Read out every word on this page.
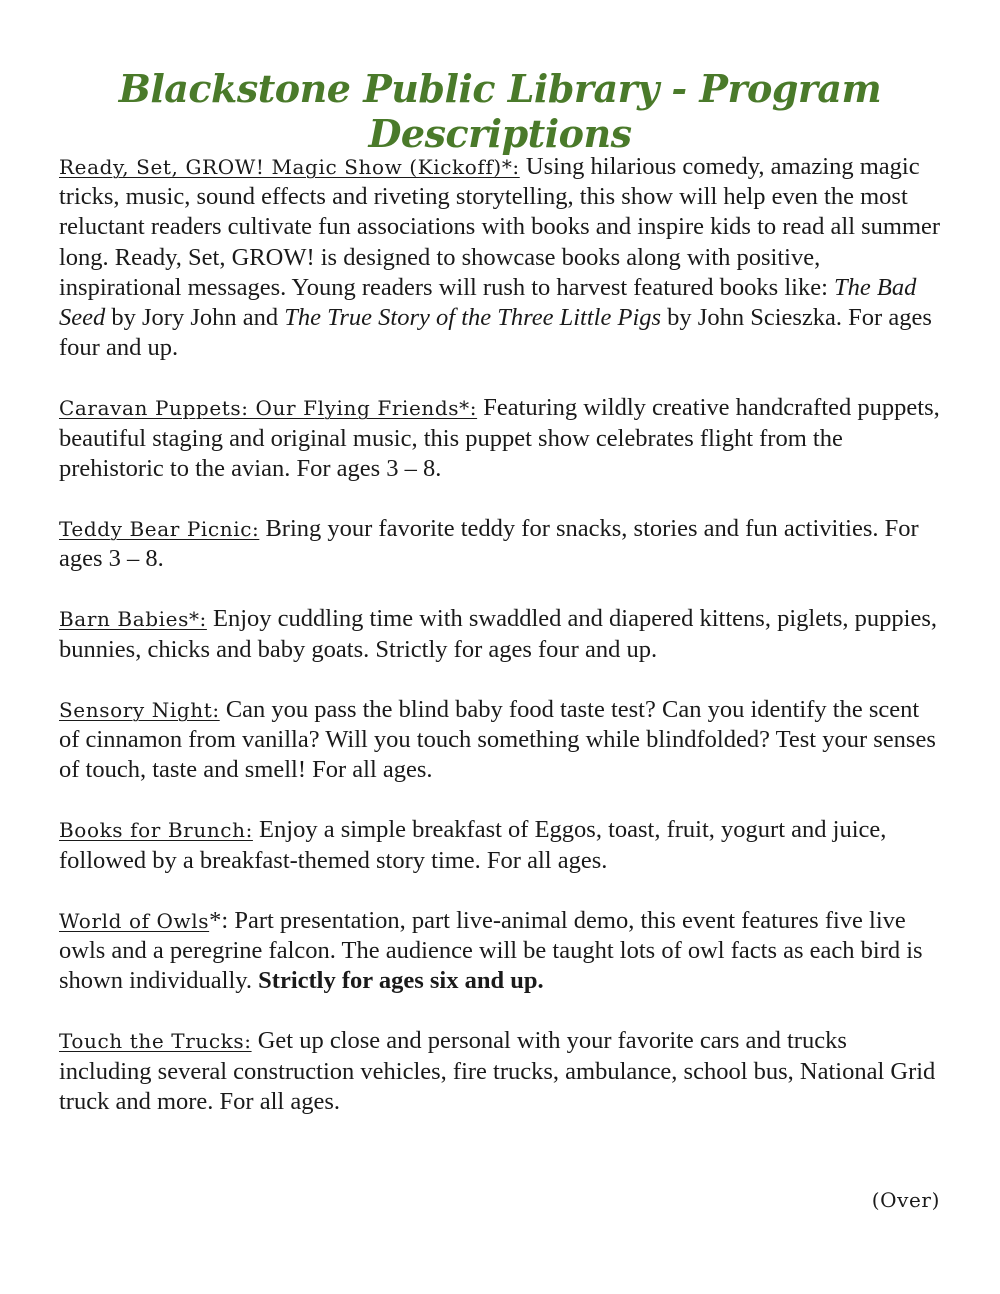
Blackstone Public Library - Program Descriptions

Ready, Set, GROW! Magic Show (Kickoff)*: Using hilarious comedy, amazing magic tricks, music, sound effects and riveting storytelling, this show will help even the most reluctant readers cultivate fun associations with books and inspire kids to read all summer long. Ready, Set, GROW! is designed to showcase books along with positive, inspirational messages. Young readers will rush to harvest featured books like: The Bad Seed by Jory John and The True Story of the Three Little Pigs by John Scieszka. For ages four and up.

Caravan Puppets: Our Flying Friends*: Featuring wildly creative handcrafted puppets, beautiful staging and original music, this puppet show celebrates flight from the prehistoric to the avian. For ages 3 – 8.

Teddy Bear Picnic: Bring your favorite teddy for snacks, stories and fun activities. For ages 3 – 8.

Barn Babies*: Enjoy cuddling time with swaddled and diapered kittens, piglets, puppies, bunnies, chicks and baby goats. Strictly for ages four and up.

Sensory Night: Can you pass the blind baby food taste test? Can you identify the scent of cinnamon from vanilla? Will you touch something while blindfolded? Test your senses of touch, taste and smell! For all ages.

Books for Brunch: Enjoy a simple breakfast of Eggos, toast, fruit, yogurt and juice, followed by a breakfast-themed story time. For all ages.

World of Owls*: Part presentation, part live-animal demo, this event features five live owls and a peregrine falcon. The audience will be taught lots of owl facts as each bird is shown individually. Strictly for ages six and up.

Touch the Trucks: Get up close and personal with your favorite cars and trucks including several construction vehicles, fire trucks, ambulance, school bus, National Grid truck and more. For all ages.

(Over)
